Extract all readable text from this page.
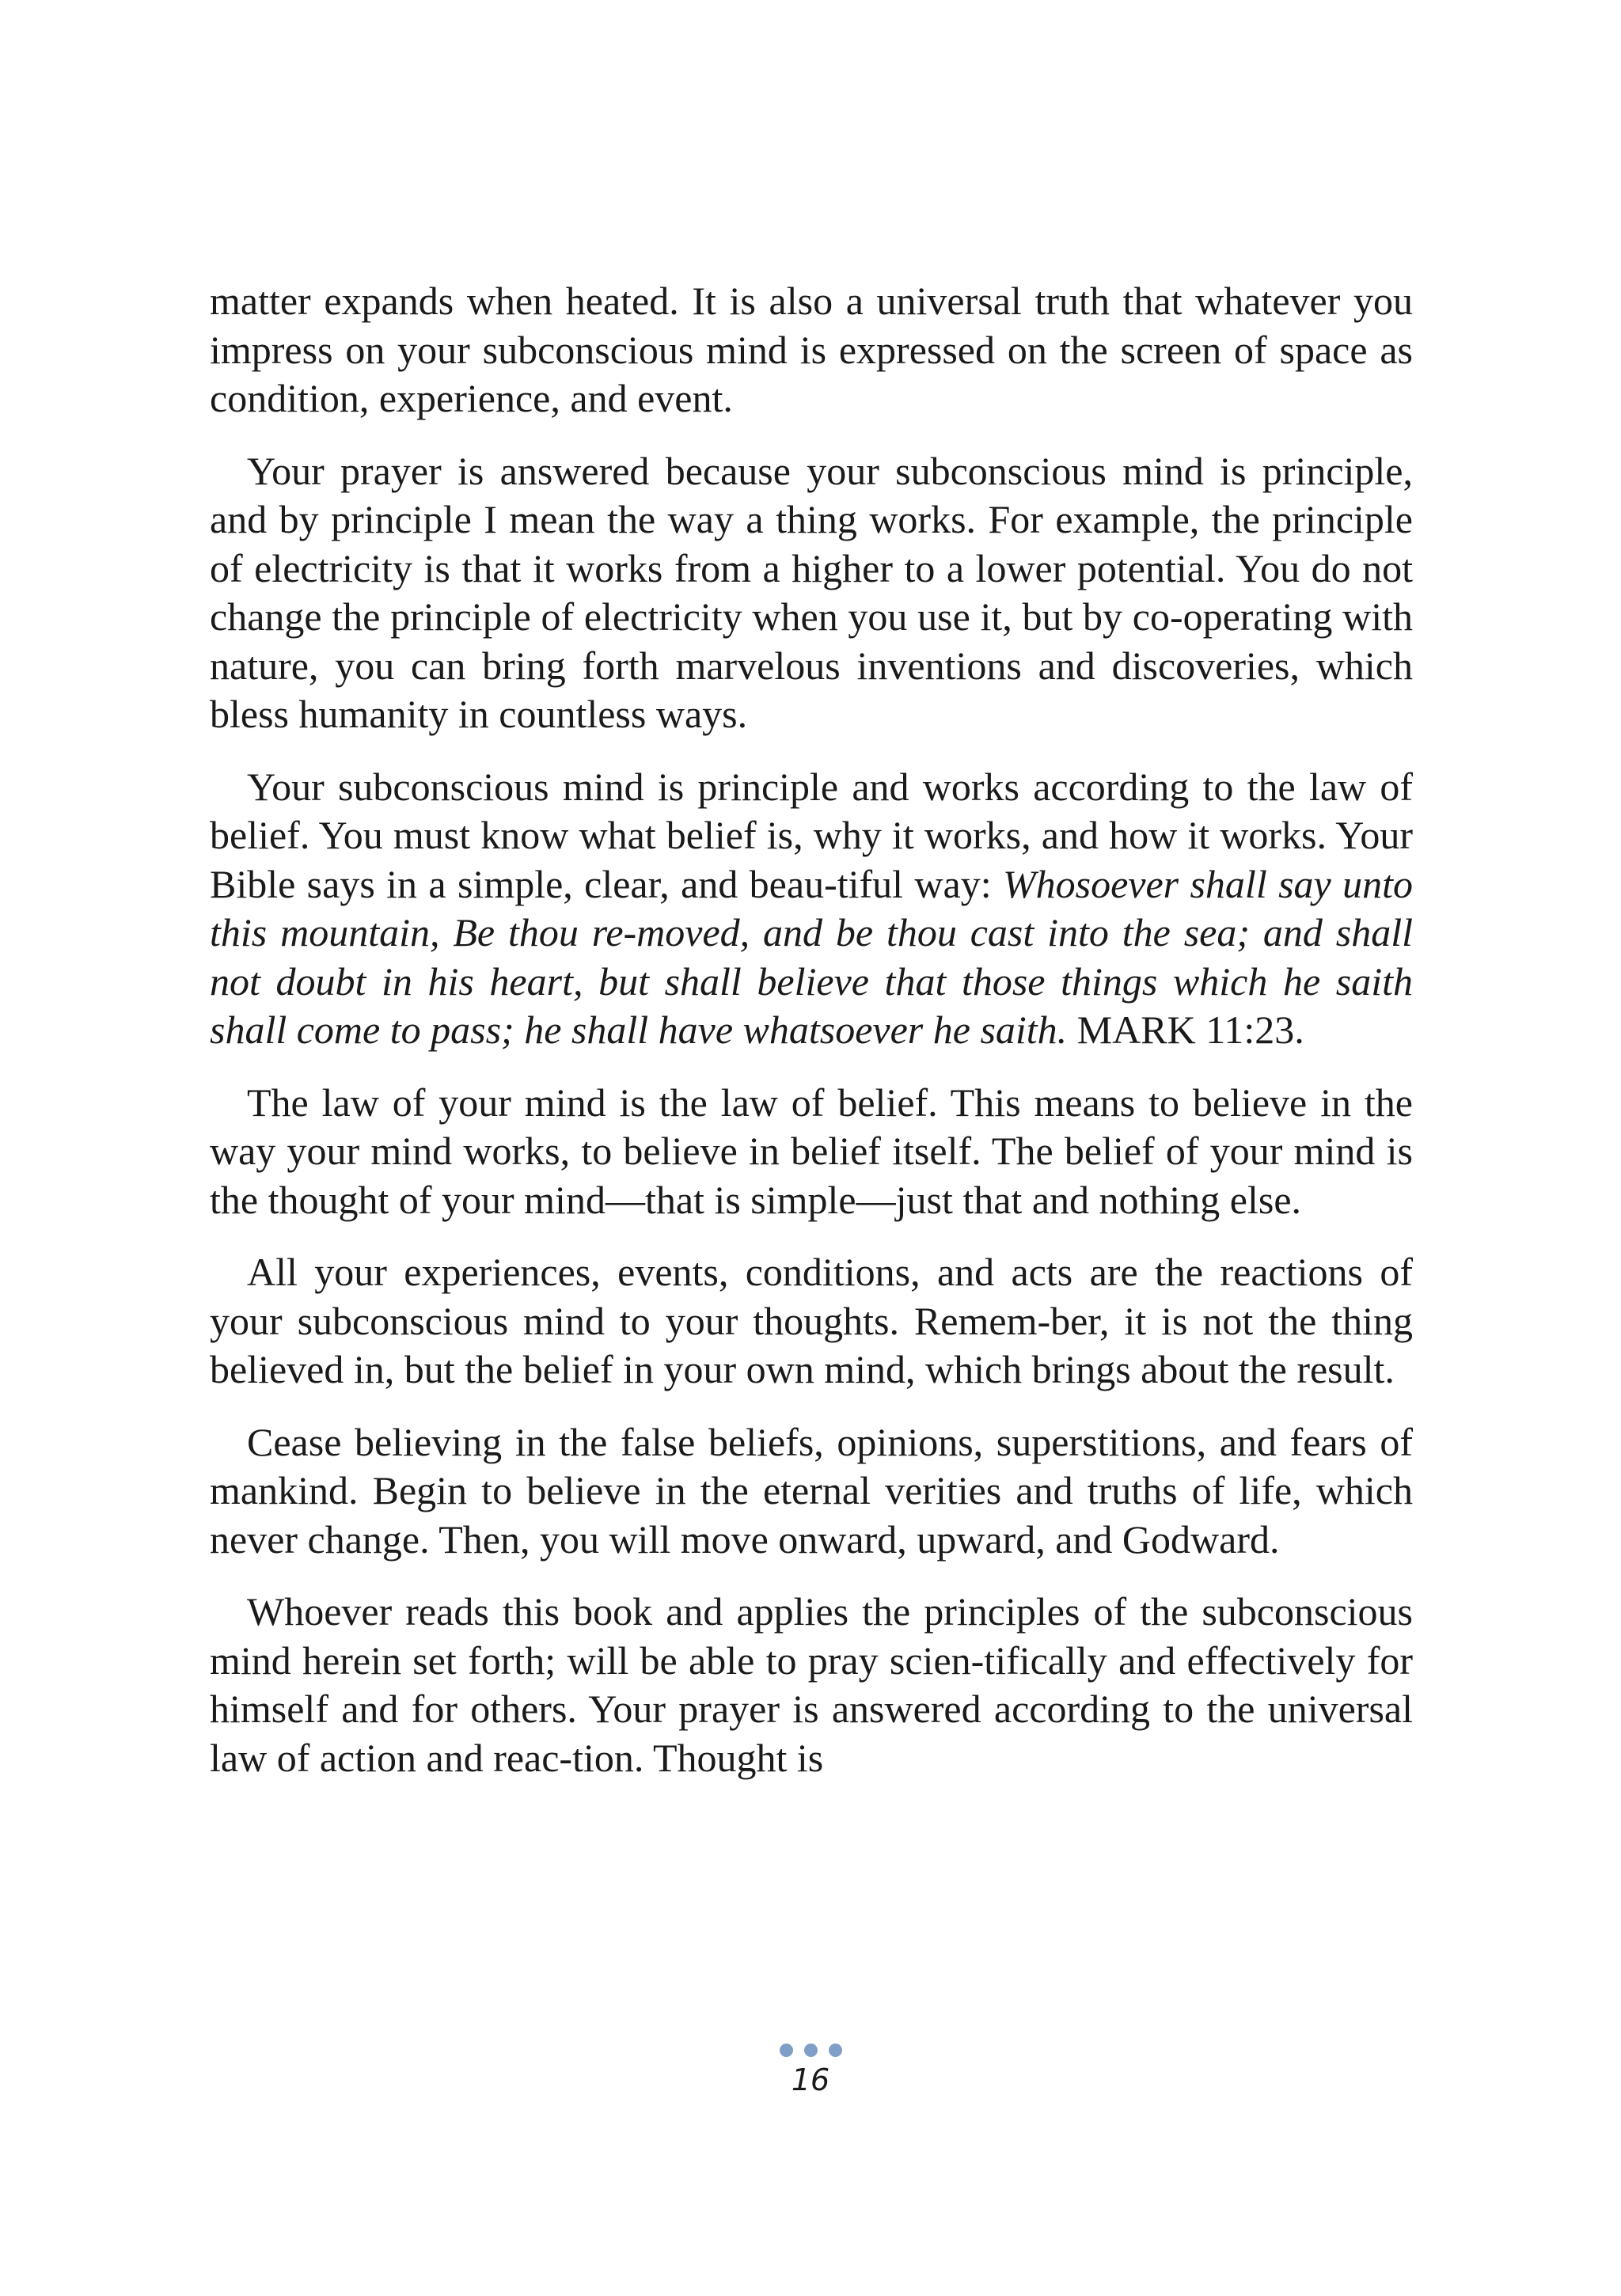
matter expands when heated. It is also a universal truth that whatever you impress on your subconscious mind is expressed on the screen of space as condition, experience, and event.

Your prayer is answered because your subconscious mind is principle, and by principle I mean the way a thing works. For example, the principle of electricity is that it works from a higher to a lower potential. You do not change the principle of electricity when you use it, but by co-operating with nature, you can bring forth marvelous inventions and discoveries, which bless humanity in countless ways.

Your subconscious mind is principle and works according to the law of belief. You must know what belief is, why it works, and how it works. Your Bible says in a simple, clear, and beau-tiful way: Whosoever shall say unto this mountain, Be thou re-moved, and be thou cast into the sea; and shall not doubt in his heart, but shall believe that those things which he saith shall come to pass; he shall have whatsoever he saith. MARK 11:23.

The law of your mind is the law of belief. This means to believe in the way your mind works, to believe in belief itself. The belief of your mind is the thought of your mind—that is simple—just that and nothing else.

All your experiences, events, conditions, and acts are the reactions of your subconscious mind to your thoughts. Remem-ber, it is not the thing believed in, but the belief in your own mind, which brings about the result.

Cease believing in the false beliefs, opinions, superstitions, and fears of mankind. Begin to believe in the eternal verities and truths of life, which never change. Then, you will move onward, upward, and Godward.

Whoever reads this book and applies the principles of the subconscious mind herein set forth; will be able to pray scien-tifically and effectively for himself and for others. Your prayer is answered according to the universal law of action and reac-tion. Thought is

16
